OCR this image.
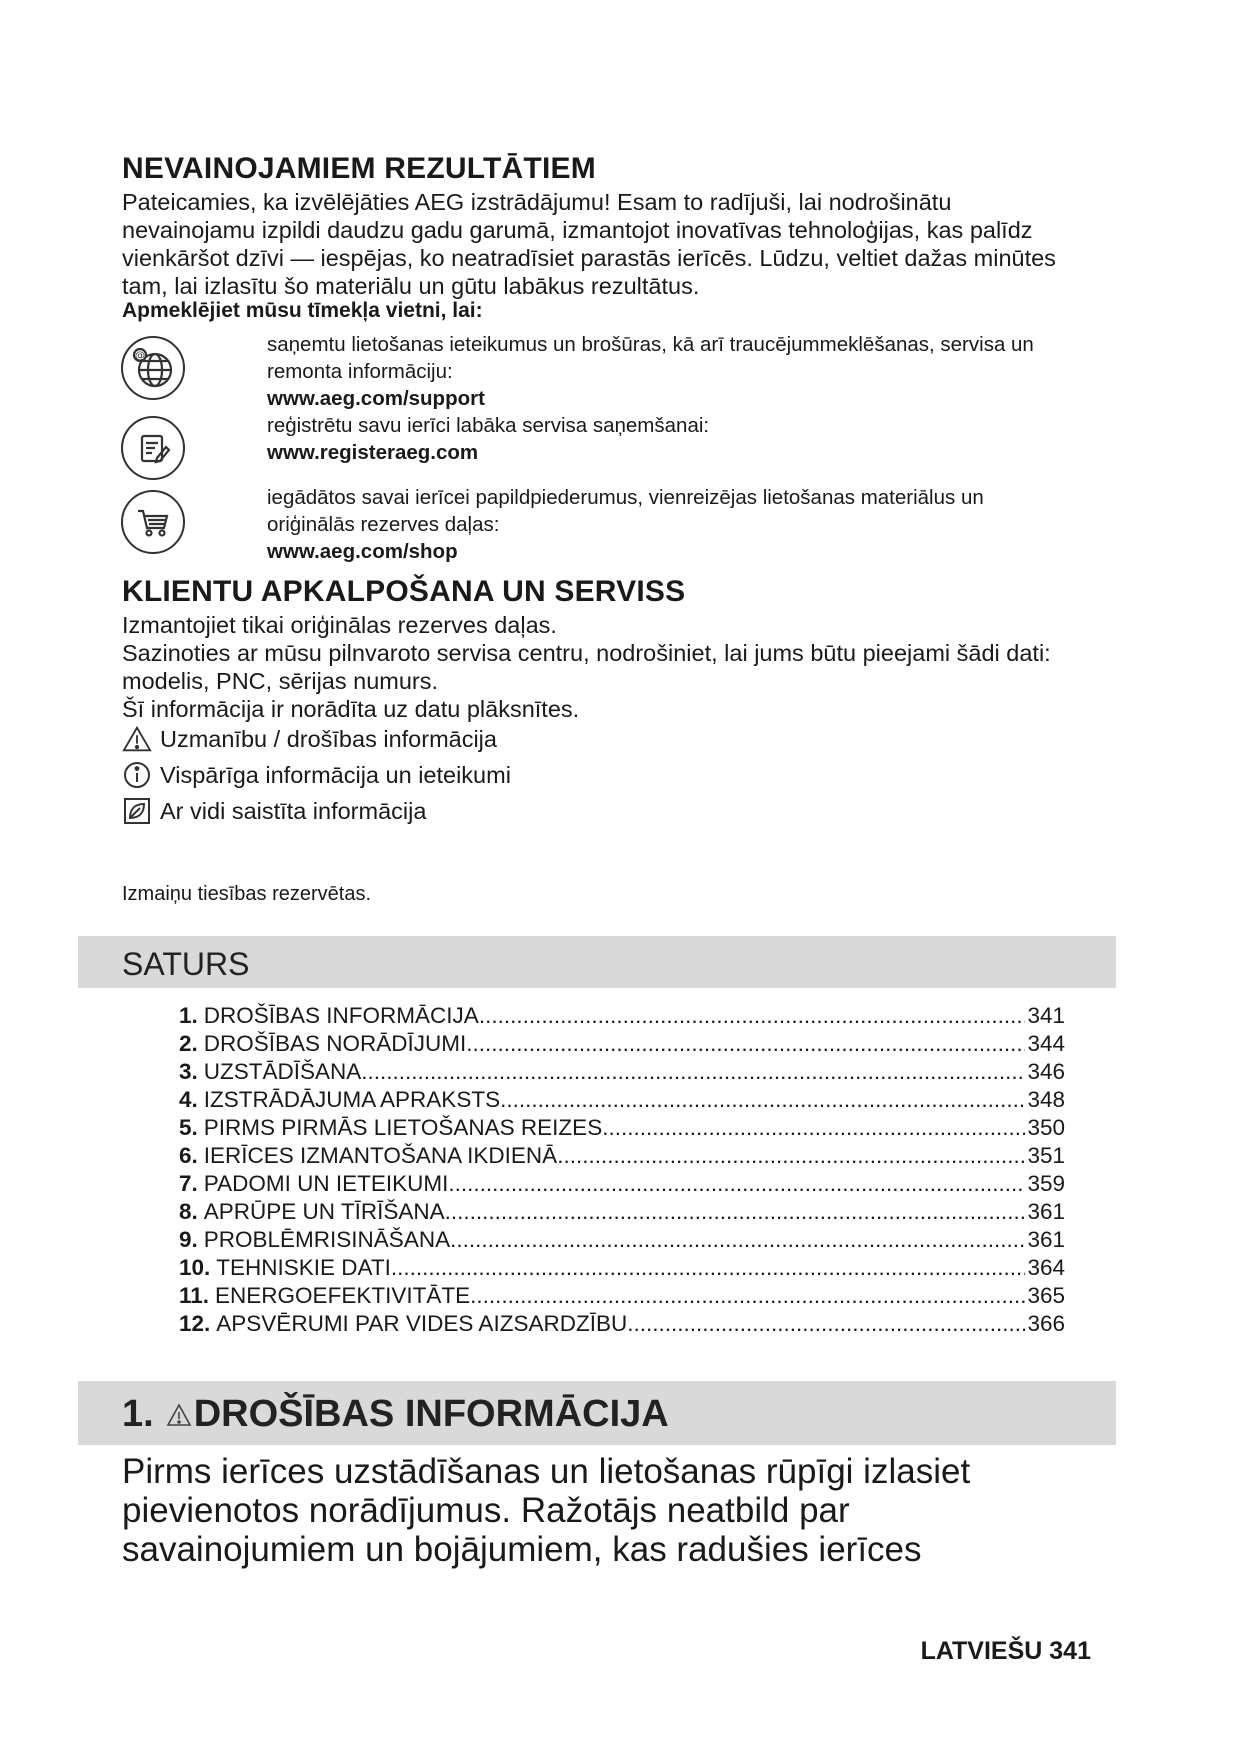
NEVAINOJAMIEM REZULTĀTIEM
Pateicamies, ka izvēlējāties AEG izstrādājumu! Esam to radījuši, lai nodrošinātu
nevainojamu izpildi daudzu gadu garumā, izmantojot inovatīvas tehnoloģijas, kas palīdz
vienkāršot dzīvi — iespējas, ko neatradīsiet parastās ierīcēs. Lūdzu, veltiet dažas minūtes
tam, lai izlasītu šo materiālu un gūtu labākus rezultātus.
Apmeklējiet mūsu tīmekļa vietni, lai:
@	saņemtu lietošanas ieteikumus un brošūras, kā arī traucējummeklēšanas, servisa un
remonta informāciju:
www.aeg.com/support
reģistrētu savu ierīci labāka servisa saņemšanai:
www.registeraeg.com
iegādātos savai ierīcei papildpiederumus, vienreizējas lietošanas materiālus un
oriģinālās rezerves daļas:
www.aeg.com/shop
KLIENTU APKALPOŠANA UN SERVISS
Izmantojiet tikai oriģinālas rezerves daļas.
Sazinoties ar mūsu pilnvaroto servisa centru, nodrošiniet, lai jums būtu pieejami šādi dati:
modelis, PNC, sērijas numurs.
Šī informācija ir norādīta uz datu plāksnītes.
Uzmanību / drošības informācija
Vispārīga informācija un ieteikumi
Ar vidi saistīta informācija
Izmaiņu tiesības rezervētas.
SATURS
1. DROŠĪBAS INFORMĀCIJA .....	341
2. DROŠĪBAS NORĀDĪJUMI .....	344
3. UZSTĀDĪŠANA .....	346
4. IZSTRĀDĀJUMA APRAKSTS .....	348
5. PIRMS PIRMĀS LIETOŠANAS REIZES .....	350
6. IERĪCES IZMANTOŠANA IKDIENĀ .....	351
7. PADOMI UN IETEIKUMI .....	359
8. APRŪPE UN TĪRĪŠANA .....	361
9. PROBLĒMRISINĀŠANA .....	361
10. TEHNISKIE DATI .....	364
11. ENERGOEFEKTIVITĀTE .....	365
12. APSVĒRUMI PAR VIDES AIZSARDZĪBU .....	366
1. DROŠĪBAS INFORMĀCIJA
Pirms ierīces uzstādīšanas un lietošanas rūpīgi izlasiet
pievienotos norādījumus. Ražotājs neatbild par
savainojumiem un bojājumiem, kas radušies ierīces
LATVIEŠU 341
